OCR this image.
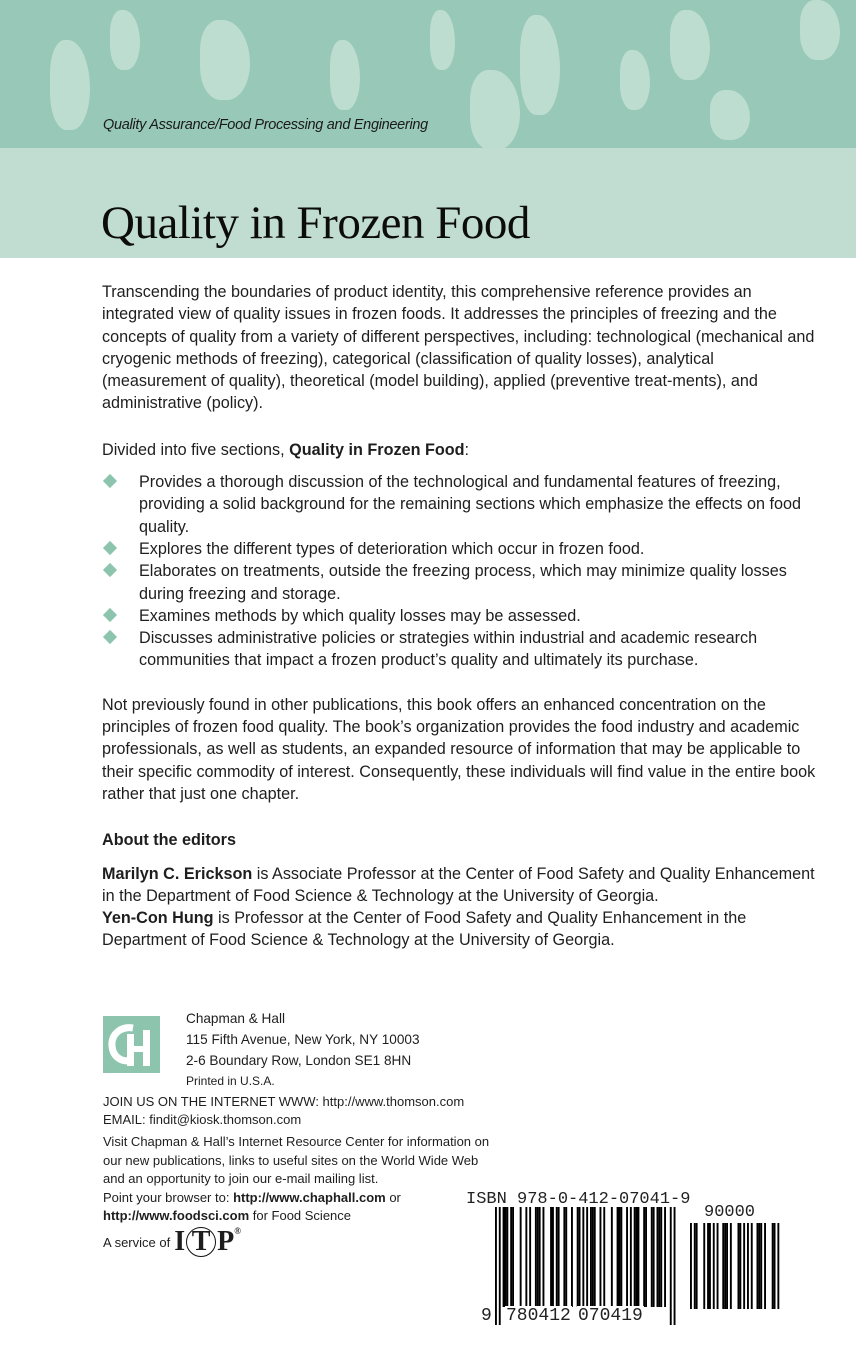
Quality Assurance/Food Processing and Engineering
Quality in Frozen Food

Transcending the boundaries of product identity, this comprehensive reference provides an integrated view of quality issues in frozen foods. It addresses the principles of freezing and the concepts of quality from a variety of different perspectives, including: technological (mechanical and cryogenic methods of freezing), categorical (classification of quality losses), analytical (measurement of quality), theoretical (model building), applied (preventive treat-ments), and administrative (policy).

Divided into five sections, Quality in Frozen Food:

Provides a thorough discussion of the technological and fundamental features of freezing, providing a solid background for the remaining sections which emphasize the effects on food quality.
Explores the different types of deterioration which occur in frozen food.
Elaborates on treatments, outside the freezing process, which may minimize quality losses during freezing and storage.
Examines methods by which quality losses may be assessed.
Discusses administrative policies or strategies within industrial and academic research communities that impact a frozen product’s quality and ultimately its purchase.

Not previously found in other publications, this book offers an enhanced concentration on the principles of frozen food quality. The book’s organization provides the food industry and academic professionals, as well as students, an expanded resource of information that may be applicable to their specific commodity of interest. Consequently, these individuals will find value in the entire book rather that just one chapter.

About the editors

Marilyn C. Erickson is Associate Professor at the Center of Food Safety and Quality Enhancement in the Department of Food Science & Technology at the University of Georgia.
Yen-Con Hung is Professor at the Center of Food Safety and Quality Enhancement in the Department of Food Science & Technology at the University of Georgia.

Chapman & Hall
115 Fifth Avenue, New York, NY 10003
2-6 Boundary Row, London SE1 8HN
Printed in U.S.A.
JOIN US ON THE INTERNET WWW: http://www.thomson.com
EMAIL: findit@kiosk.thomson.com
Visit Chapman & Hall’s Internet Resource Center for information on our new publications, links to useful sites on the World Wide Web and an opportunity to join our e-mail mailing list.
Point your browser to: http://www.chaphall.com or
http://www.foodsci.com for Food Science
A service of I T P ®
ISBN 978-0-412-07041-9
90000
9 780412 070419
